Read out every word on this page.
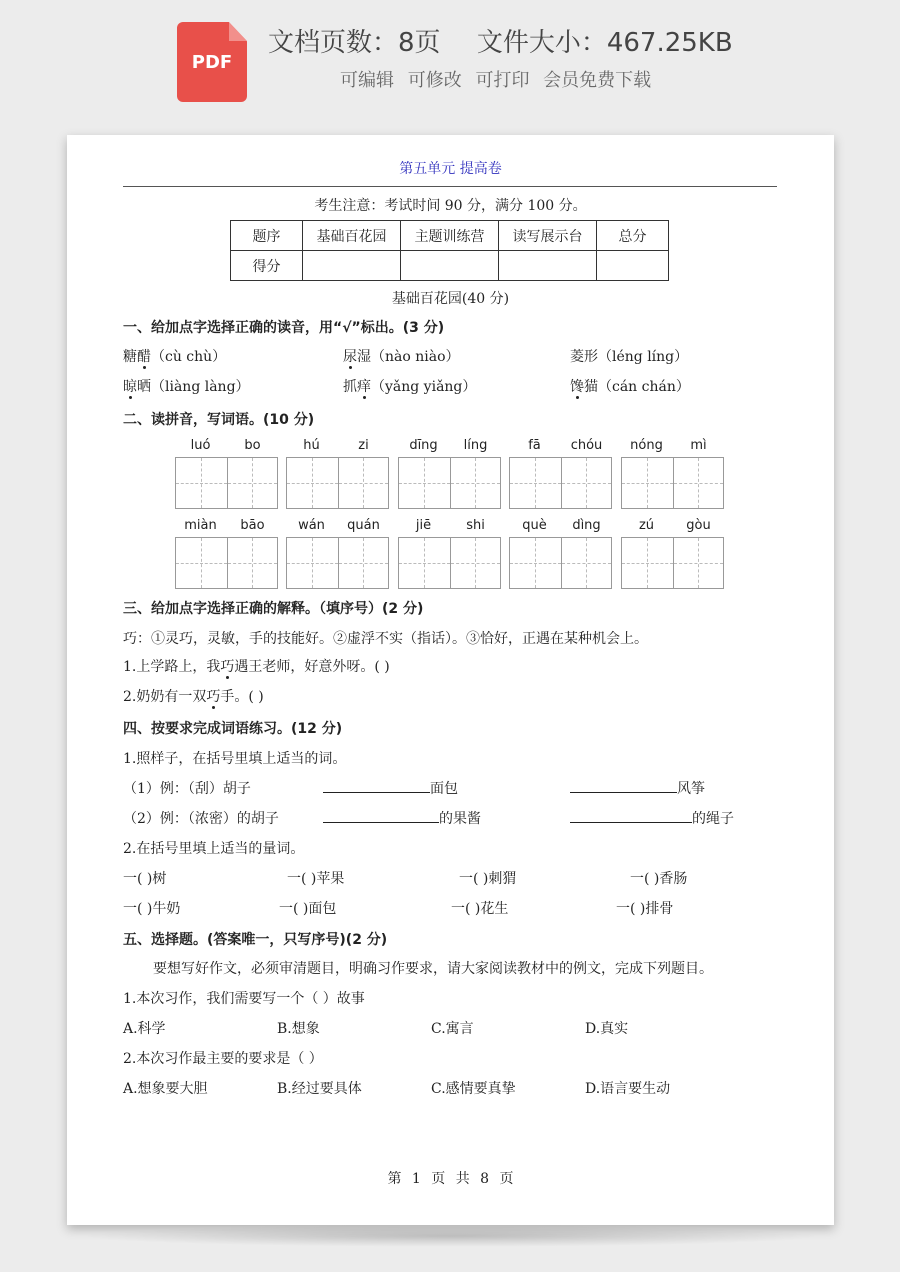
PDF
文档页数：8页 文件大小：467.25KB
可编辑 可修改 可打印 会员免费下载
第五单元 提高卷
考生注意：考试时间 90 分，满分 100 分。
题序	基础百花园	主题训练营	读写展示台	总分
得分				
基础百花园(40 分)
一、给加点字选择正确的读音，用“√”标出。(3 分)
糖醋（cù chù）	尿湿（nào niào）	菱形（léng líng）
晾晒（liàng làng）	抓痒（yǎng yiǎng）	馋猫（cán chán）
二、读拼音，写词语。(10 分)
luó	bo	hú	zi	dīng	líng	fā	chóu	nóng	mì
miàn	bāo	wán	quán	jiē	shi	què	dìng	zú	gòu
三、给加点字选择正确的解释。（填序号）(2 分)
巧：①灵巧，灵敏，手的技能好。②虚浮不实（指话）。③恰好，正遇在某种机会上。
1.上学路上，我巧遇王老师，好意外呀。( )
2.奶奶有一双巧手。( )
四、按要求完成词语练习。(12 分)
1.照样子，在括号里填上适当的词。
（1）例：（刮）胡子	面包	风筝
（2）例：（浓密）的胡子	的果酱	的绳子
2.在括号里填上适当的量词。
一( )树	一( )苹果	一( )刺猬	一( )香肠
一( )牛奶	一( )面包	一( )花生	一( )排骨
五、选择题。(答案唯一，只写序号)(2 分)
要想写好作文，必须审清题目，明确习作要求，请大家阅读教材中的例文，完成下列题目。
1.本次习作，我们需要写一个（ ）故事
A.科学	B.想象	C.寓言	D.真实
2.本次习作最主要的要求是（ ）
A.想象要大胆	B.经过要具体	C.感情要真挚	D.语言要生动
第 1 页 共 8 页
